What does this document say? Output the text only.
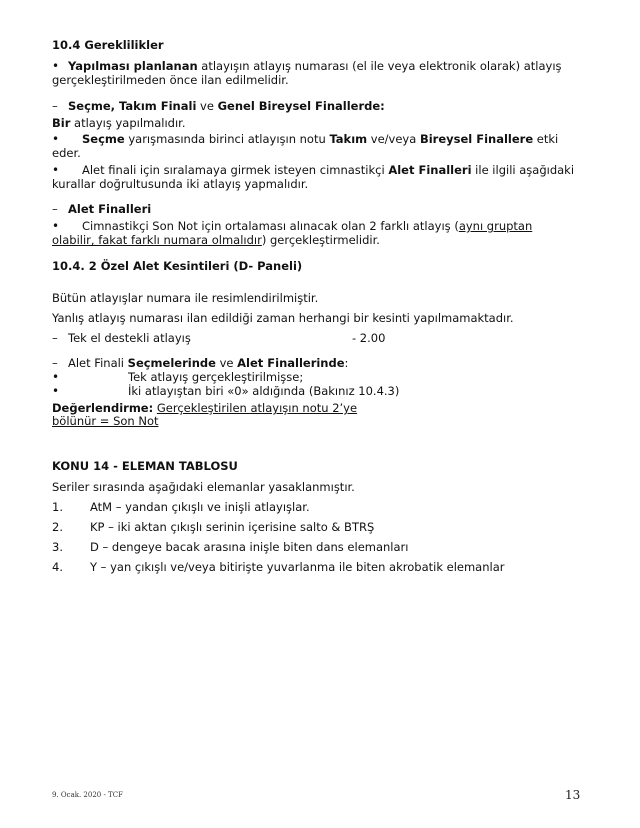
10.4 Gereklilikler
• Yapılması planlanan atlayışın atlayış numarası (el ile veya elektronik olarak) atlayış
gerçekleştirilmeden önce ilan edilmelidir.
– Seçme, Takım Finali ve Genel Bireysel Finallerde:
Bir atlayış yapılmalıdır.
• Seçme yarışmasında birinci atlayışın notu Takım ve/veya Bireysel Finallere etki
eder.
• Alet finali için sıralamaya girmek isteyen cimnastikçi Alet Finalleri ile ilgili aşağıdaki
kurallar doğrultusunda iki atlayış yapmalıdır.
– Alet Finalleri
• Cimnastikçi Son Not için ortalaması alınacak olan 2 farklı atlayış (aynı gruptan
olabilir, fakat farklı numara olmalıdır) gerçekleştirmelidir.
10.4. 2 Özel Alet Kesintileri (D- Paneli)
Bütün atlayışlar numara ile resimlendirilmiştir.
Yanlış atlayış numarası ilan edildiği zaman herhangi bir kesinti yapılmamaktadır.
– Tek el destekli atlayış	- 2.00
– Alet Finali Seçmelerinde ve Alet Finallerinde:
•	Tek atlayış gerçekleştirilmişse;
•	İki atlayıştan biri «0» aldığında (Bakınız 10.4.3)
Değerlendirme: Gerçekleştirilen atlayışın notu 2’ye
bölünür = Son Not
KONU 14 - ELEMAN TABLOSU
Seriler sırasında aşağıdaki elemanlar yasaklanmıştır.
1. AtM – yandan çıkışlı ve inişli atlayışlar.
2. KP – iki aktan çıkışlı serinin içerisine salto & BTRŞ
3. D – dengeye bacak arasına inişle biten dans elemanları
4. Y – yan çıkışlı ve/veya bitirişte yuvarlanma ile biten akrobatik elemanlar
9. Ocak. 2020 - TCF	13
